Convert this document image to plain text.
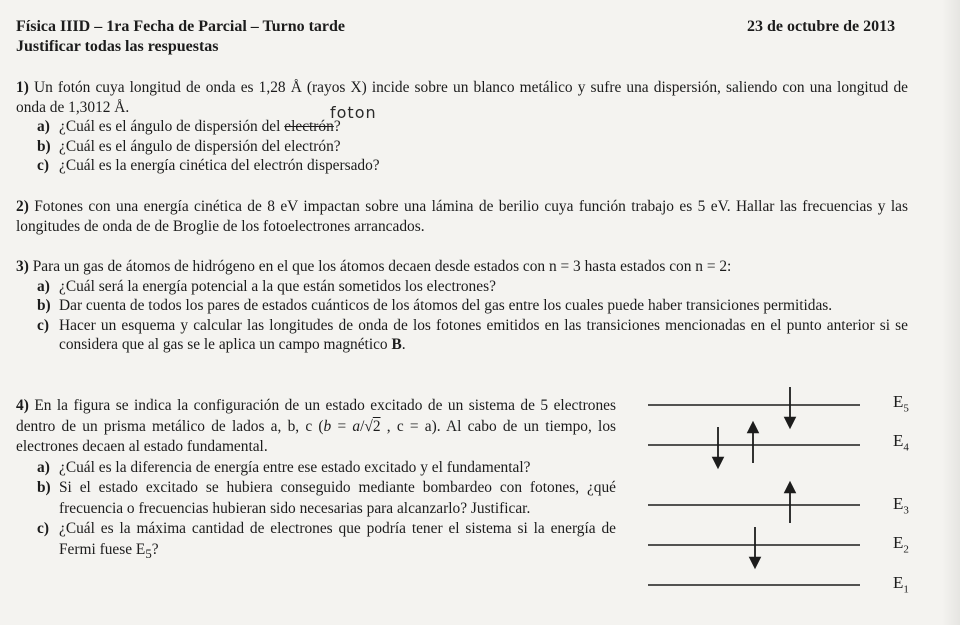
Física IIID – 1ra Fecha de Parcial – Turno tarde	23 de octubre de 2013
Justificar todas las respuestas

1) Un fotón cuya longitud de onda es 1,28 Å (rayos X) incide sobre un blanco metálico y sufre una dispersión, saliendo con una longitud de onda de 1,3012 Å.

a) ¿Cuál es el ángulo de dispersión del electrón?
b) ¿Cuál es el ángulo de dispersión del electrón?
c) ¿Cuál es la energía cinética del electrón dispersado?
foton

2) Fotones con una energía cinética de 8 eV impactan sobre una lámina de berilio cuya función trabajo es 5 eV. Hallar las frecuencias y las longitudes de onda de de Broglie de los fotoelectrones arrancados.

3) Para un gas de átomos de hidrógeno en el que los átomos decaen desde estados con n = 3 hasta estados con n = 2:

a) ¿Cuál será la energía potencial a la que están sometidos los electrones?
b) Dar cuenta de todos los pares de estados cuánticos de los átomos del gas entre los cuales puede haber transiciones permitidas.
c) Hacer un esquema y calcular las longitudes de onda de los fotones emitidos en las transiciones mencionadas en el punto anterior si se considera que al gas se le aplica un campo magnético B.

4) En la figura se indica la configuración de un estado excitado de un sistema de 5 electrones dentro de un prisma metálico de lados a, b, c (b = a/√2 , c = a). Al cabo de un tiempo, los electrones decaen al estado fundamental.

a) ¿Cuál es la diferencia de energía entre ese estado excitado y el fundamental?
b) Si el estado excitado se hubiera conseguido mediante bombardeo con fotones, ¿qué frecuencia o frecuencias hubieran sido necesarias para alcanzarlo? Justificar.
c) ¿Cuál es la máxima cantidad de electrones que podría tener el sistema si la energía de Fermi fuese $E_5$?
$E_5$
$E_4$
$E_3$
$E_2$
$E_1$
